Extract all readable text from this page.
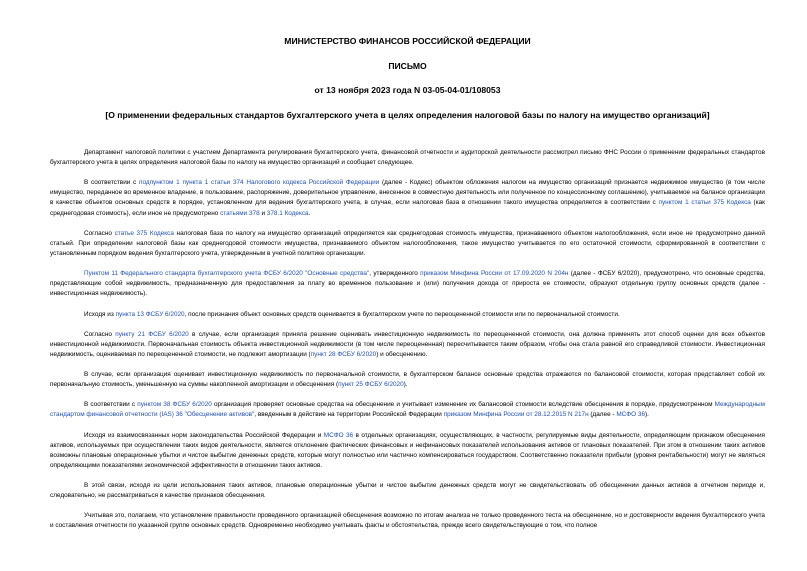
МИНИСТЕРСТВО ФИНАНСОВ РОССИЙСКОЙ ФЕДЕРАЦИИ
ПИСЬМО
от 13 ноября 2023 года N 03-05-04-01/108053
[О применении федеральных стандартов бухгалтерского учета в целях определения налоговой базы по налогу на имущество организаций]

Департамент налоговой политики с участием Департамента регулирования бухгалтерского учета, финансовой отчетности и аудиторской деятельности рассмотрел письмо ФНС России о применении федеральных стандартов бухгалтерского учета в целях определения налоговой базы по налогу на имущество организаций и сообщает следующее.

В соответствии с подпунктом 1 пункта 1 статьи 374 Налогового кодекса Российской Федерации (далее - Кодекс) объектом обложения налогом на имущество организаций признается недвижимое имущество (в том числе имущество, переданное во временное владение, в пользование, распоряжение, доверительное управление, внесенное в совместную деятельность или полученное по концессионному соглашению), учитываемое на балансе организации в качестве объектов основных средств в порядке, установленном для ведения бухгалтерского учета, в случае, если налоговая база в отношении такого имущества определяется в соответствии с пунктом 1 статьи 375 Кодекса (как среднегодовая стоимость), если иное не предусмотрено статьями 378 и 378.1 Кодекса.

Согласно статье 375 Кодекса налоговая база по налогу на имущество организаций определяется как среднегодовая стоимость имущества, признаваемого объектом налогообложения, если иное не предусмотрено данной статьей. При определении налоговой базы как среднегодовой стоимости имущества, признаваемого объектом налогообложения, такое имущество учитывается по его остаточной стоимости, сформированной в соответствии с установленным порядком ведения бухгалтерского учета, утвержденным в учетной политике организации.

Пунктом 11 Федерального стандарта бухгалтерского учета ФСБУ 6/2020 "Основные средства", утвержденного приказом Минфина России от 17.09.2020 N 204н (далее - ФСБУ 6/2020), предусмотрено, что основные средства, представляющие собой недвижимость, предназначенную для предоставления за плату во временное пользование и (или) получения дохода от прироста ее стоимости, образуют отдельную группу основных средств (далее - инвестиционная недвижимость).

Исходя из пункта 13 ФСБУ 6/2020, после признания объект основных средств оценивается в бухгалтерском учете по переоцененной стоимости или по первоначальной стоимости.

Согласно пункту 21 ФСБУ 6/2020 в случае, если организация приняла решение оценивать инвестиционную недвижимость по переоцененной стоимости, она должна применять этот способ оценки для всех объектов инвестиционной недвижимости. Первоначальная стоимость объекта инвестиционной недвижимости (в том числе переоцененная) пересчитывается таким образом, чтобы она стала равной его справедливой стоимости. Инвестиционная недвижимость, оцениваемая по переоцененной стоимости, не подлежит амортизации (пункт 28 ФСБУ 6/2020) и обесценению.

В случае, если организация оценивает инвестиционную недвижимость по первоначальной стоимости, в бухгалтерском балансе основные средства отражаются по балансовой стоимости, которая представляет собой их первоначальную стоимость, уменьшенную на суммы накопленной амортизации и обесценения (пункт 25 ФСБУ 6/2020).

В соответствии с пунктом 38 ФСБУ 6/2020 организация проверяет основные средства на обесценение и учитывает изменение их балансовой стоимости вследствие обесценения в порядке, предусмотренном Международным стандартом финансовой отчетности (IAS) 36 "Обесценение активов", введенным в действие на территории Российской Федерации приказом Минфина России от 28.12.2015 N 217н (далее - МСФО 36).

Исходя из взаимосвязанных норм законодательства Российской Федерации и МСФО 36 в отдельных организациях, осуществляющих, в частности, регулируемые виды деятельности, определяющим признаком обесценения активов, используемых при осуществлении таких видов деятельности, является отклонение фактических финансовых и нефинансовых показателей использования активов от плановых показателей. При этом в отношении таких активов возможны плановые операционные убытки и чистое выбытие денежных средств, которые могут полностью или частично компенсироваться государством. Соответственно показатели прибыли (уровня рентабельности) могут не являться определяющими показателями экономической эффективности в отношении таких активов.

В этой связи, исходя из цели использования таких активов, плановые операционные убытки и чистое выбытие денежных средств могут не свидетельствовать об обесценении данных активов в отчетном периоде и, следовательно, не рассматриваться в качестве признаков обесценения.

Учитывая это, полагаем, что установление правильности проведенного организацией обесценения возможно по итогам анализа не только проведенного теста на обесценение, но и достоверности ведения бухгалтерского учета и составления отчетности по указанной группе основных средств. Одновременно необходимо учитывать факты и обстоятельства, прежде всего свидетельствующие о том, что полное
